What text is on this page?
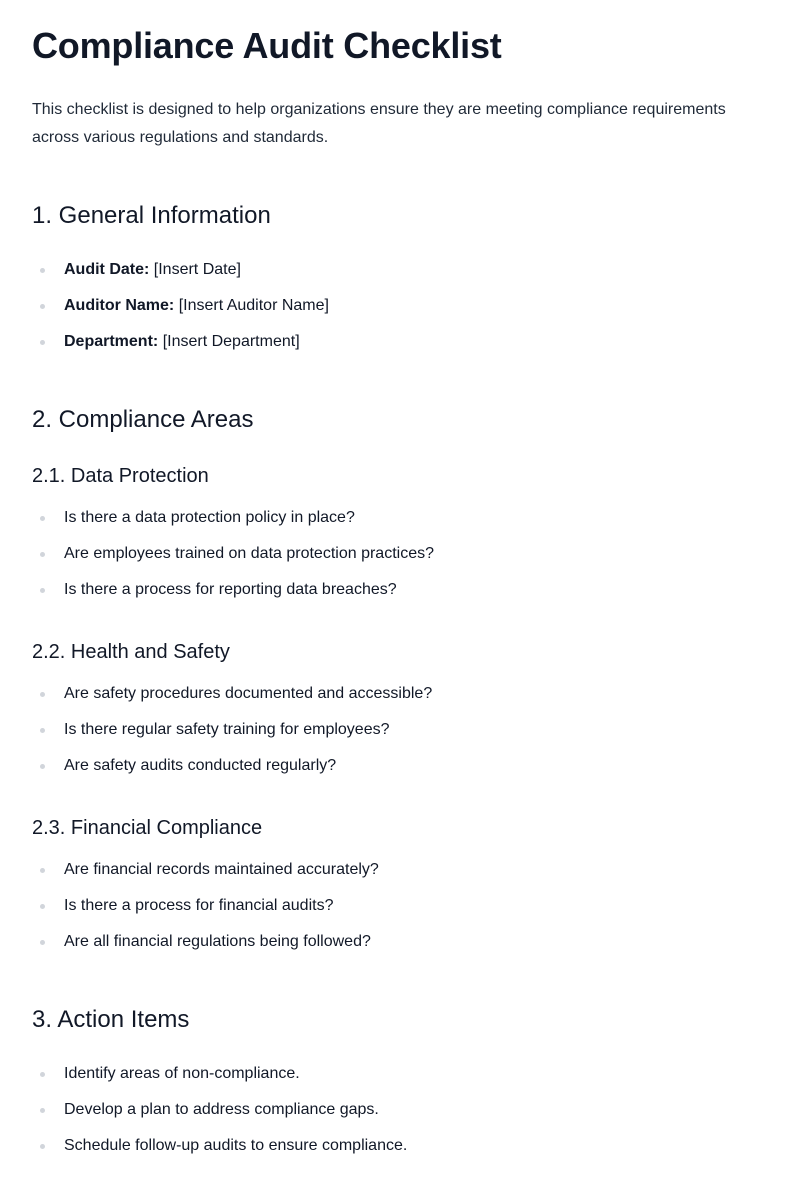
Compliance Audit Checklist

This checklist is designed to help organizations ensure they are meeting compliance requirements across various regulations and standards.

1. General Information
Audit Date: [Insert Date]
Auditor Name: [Insert Auditor Name]
Department: [Insert Department]
2. Compliance Areas
2.1. Data Protection
Is there a data protection policy in place?
Are employees trained on data protection practices?
Is there a process for reporting data breaches?
2.2. Health and Safety
Are safety procedures documented and accessible?
Is there regular safety training for employees?
Are safety audits conducted regularly?
2.3. Financial Compliance
Are financial records maintained accurately?
Is there a process for financial audits?
Are all financial regulations being followed?
3. Action Items
Identify areas of non-compliance.
Develop a plan to address compliance gaps.
Schedule follow-up audits to ensure compliance.
